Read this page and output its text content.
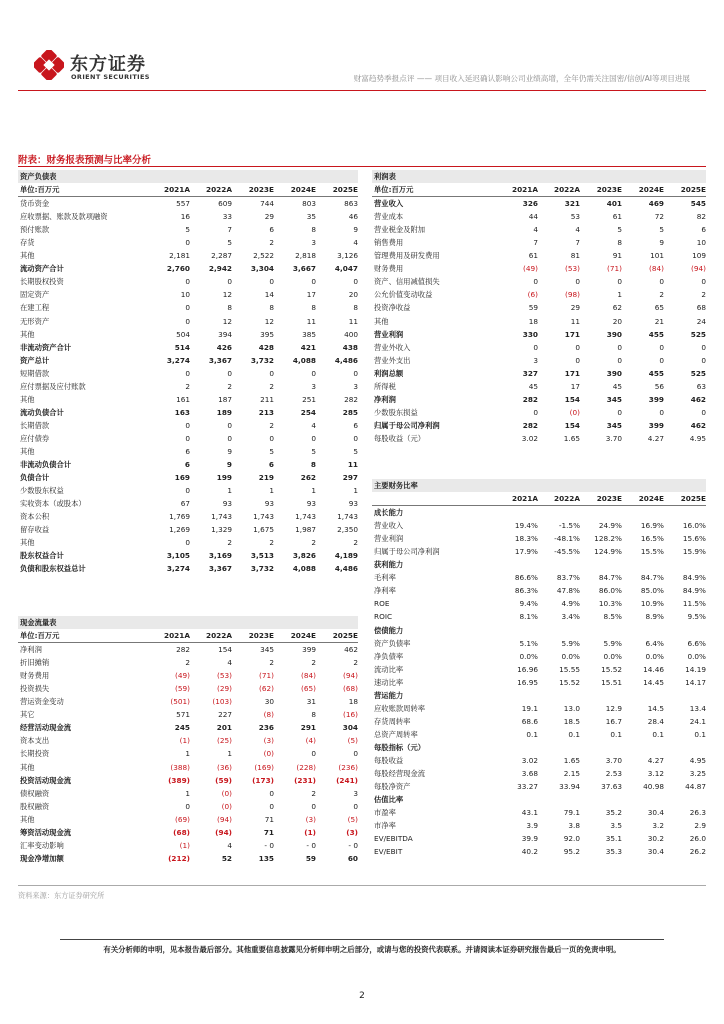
东方证券
ORIENT SECURITIES	财富趋势季报点评 —— 项目收入延迟确认影响公司业绩高增，全年仍需关注国密/信创/AI等项目进展
附表：财务报表预测与比率分析
资产负债表					
单位:百万元	2021A	2022A	2023E	2024E	2025E
货币资金	557	609	744	803	863
应收票据、账款及款项融资	16	33	29	35	46
预付账款	5	7	6	8	9
存货	0	5	2	3	4
其他	2,181	2,287	2,522	2,818	3,126
流动资产合计	2,760	2,942	3,304	3,667	4,047
长期股权投资	0	0	0	0	0
固定资产	10	12	14	17	20
在建工程	0	8	8	8	8
无形资产	0	12	12	11	11
其他	504	394	395	385	400
非流动资产合计	514	426	428	421	438
资产总计	3,274	3,367	3,732	4,088	4,486
短期借款	0	0	0	0	0
应付票据及应付账款	2	2	2	3	3
其他	161	187	211	251	282
流动负债合计	163	189	213	254	285
长期借款	0	0	2	4	6
应付债券	0	0	0	0	0
其他	6	9	5	5	5
非流动负债合计	6	9	6	8	11
负债合计	169	199	219	262	297
少数股东权益	0	1	1	1	1
实收资本（或股本）	67	93	93	93	93
资本公积	1,769	1,743	1,743	1,743	1,743
留存收益	1,269	1,329	1,675	1,987	2,350
其他	0	2	2	2	2
股东权益合计	3,105	3,169	3,513	3,826	4,189
负债和股东权益总计	3,274	3,367	3,732	4,088	4,486
现金流量表					
单位:百万元	2021A	2022A	2023E	2024E	2025E
净利润	282	154	345	399	462
折旧摊销	2	4	2	2	2
财务费用	(49)	(53)	(71)	(84)	(94)
投资损失	(59)	(29)	(62)	(65)	(68)
营运资金变动	(501)	(103)	30	31	18
其它	571	227	(8)	8	(16)
经营活动现金流	245	201	236	291	304
资本支出	(1)	(25)	(3)	(4)	(5)
长期投资	1	1	(0)	0	0
其他	(388)	(36)	(169)	(228)	(236)
投资活动现金流	(389)	(59)	(173)	(231)	(241)
债权融资	1	(0)	0	2	3
股权融资	0	(0)	0	0	0
其他	(69)	(94)	71	(3)	(5)
筹资活动现金流	(68)	(94)	71	(1)	(3)
汇率变动影响	(1)	4	- 0	- 0	- 0
现金净增加额	(212)	52	135	59	60
利润表					
单位:百万元	2021A	2022A	2023E	2024E	2025E
营业收入	326	321	401	469	545
营业成本	44	53	61	72	82
营业税金及附加	4	4	5	5	6
销售费用	7	7	8	9	10
管理费用及研发费用	61	81	91	101	109
财务费用	(49)	(53)	(71)	(84)	(94)
资产、信用减值损失	0	0	0	0	0
公允价值变动收益	(6)	(98)	1	2	2
投资净收益	59	29	62	65	68
其他	18	11	20	21	24
营业利润	330	171	390	455	525
营业外收入	0	0	0	0	0
营业外支出	3	0	0	0	0
利润总额	327	171	390	455	525
所得税	45	17	45	56	63
净利润	282	154	345	399	462
少数股东损益	0	(0)	0	0	0
归属于母公司净利润	282	154	345	399	462
每股收益（元）	3.02	1.65	3.70	4.27	4.95
主要财务比率					
	2021A	2022A	2023E	2024E	2025E
成长能力					
营业收入	19.4%	-1.5%	24.9%	16.9%	16.0%
营业利润	18.3%	-48.1%	128.2%	16.5%	15.6%
归属于母公司净利润	17.9%	-45.5%	124.9%	15.5%	15.9%
获利能力					
毛利率	86.6%	83.7%	84.7%	84.7%	84.9%
净利率	86.3%	47.8%	86.0%	85.0%	84.9%
ROE	9.4%	4.9%	10.3%	10.9%	11.5%
ROIC	8.1%	3.4%	8.5%	8.9%	9.5%
偿债能力					
资产负债率	5.1%	5.9%	5.9%	6.4%	6.6%
净负债率	0.0%	0.0%	0.0%	0.0%	0.0%
流动比率	16.96	15.55	15.52	14.46	14.19
速动比率	16.95	15.52	15.51	14.45	14.17
营运能力					
应收账款周转率	19.1	13.0	12.9	14.5	13.4
存货周转率	68.6	18.5	16.7	28.4	24.1
总资产周转率	0.1	0.1	0.1	0.1	0.1
每股指标（元）					
每股收益	3.02	1.65	3.70	4.27	4.95
每股经营现金流	3.68	2.15	2.53	3.12	3.25
每股净资产	33.27	33.94	37.63	40.98	44.87
估值比率					
市盈率	43.1	79.1	35.2	30.4	26.3
市净率	3.9	3.8	3.5	3.2	2.9
EV/EBITDA	39.9	92.0	35.1	30.2	26.0
EV/EBIT	40.2	95.2	35.3	30.4	26.2
资料来源：东方证券研究所
有关分析师的申明，见本报告最后部分。其他重要信息披露见分析师申明之后部分，或请与您的投资代表联系。并请阅读本证券研究报告最后一页的免责申明。
2
